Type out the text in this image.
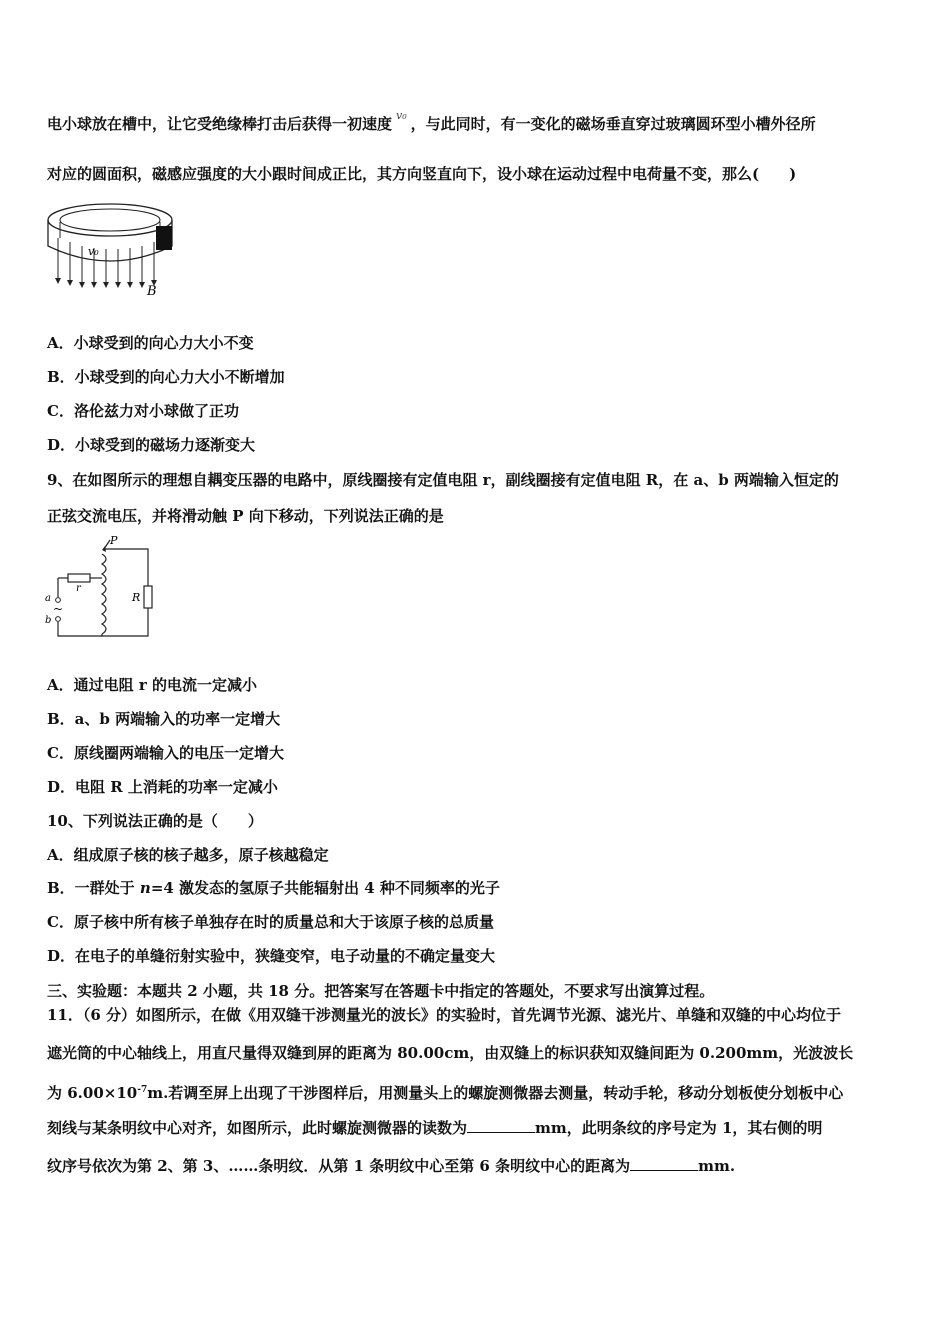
电小球放在槽中，让它受绝缘棒打击后获得一初速度 $^{v_0}$ ，与此同时，有一变化的磁场垂直穿过玻璃圆环型小槽外径所
对应的圆面积，磁感应强度的大小跟时间成正比，其方向竖直向下，设小球在运动过程中电荷量不变，那么(　　)
v₀
B
A．小球受到的向心力大小不变
B．小球受到的向心力大小不断增加
C．洛伦兹力对小球做了正功
D．小球受到的磁场力逐渐变大
9、在如图所示的理想自耦变压器的电路中，原线圈接有定值电阻 r，副线圈接有定值电阻 R，在 a、b 两端输入恒定的
正弦交流电压，并将滑动触 P 向下移动，下列说法正确的是
P
r
R
a
b
~
A．通过电阻 r 的电流一定减小
B．a、b 两端输入的功率一定增大
C．原线圈两端输入的电压一定增大
D．电阻 R 上消耗的功率一定减小
10、下列说法正确的是（　　）
A．组成原子核的核子越多，原子核越稳定
B．一群处于 n=4 激发态的氢原子共能辐射出 4 种不同频率的光子
C．原子核中所有核子单独存在时的质量总和大于该原子核的总质量
D．在电子的单缝衍射实验中，狭缝变窄，电子动量的不确定量变大
三、实验题：本题共 2 小题，共 18 分。把答案写在答题卡中指定的答题处，不要求写出演算过程。
11．（6 分）如图所示，在做《用双缝干涉测量光的波长》的实验时，首先调节光源、滤光片、单缝和双缝的中心均位于
遮光筒的中心轴线上，用直尺量得双缝到屏的距离为 80.00cm，由双缝上的标识获知双缝间距为 0.200mm，光波波长
为 $6.00\times 10^{-7}m$.若调至屏上出现了干涉图样后，用测量头上的螺旋测微器去测量，转动手轮，移动分划板使分划板中心
刻线与某条明纹中心对齐，如图所示，此时螺旋测微器的读数为	mm，此明条纹的序号定为 1，其右侧的明
纹序号依次为第 2、第 3、……条明纹．从第 1 条明纹中心至第 6 条明纹中心的距离为	mm.
